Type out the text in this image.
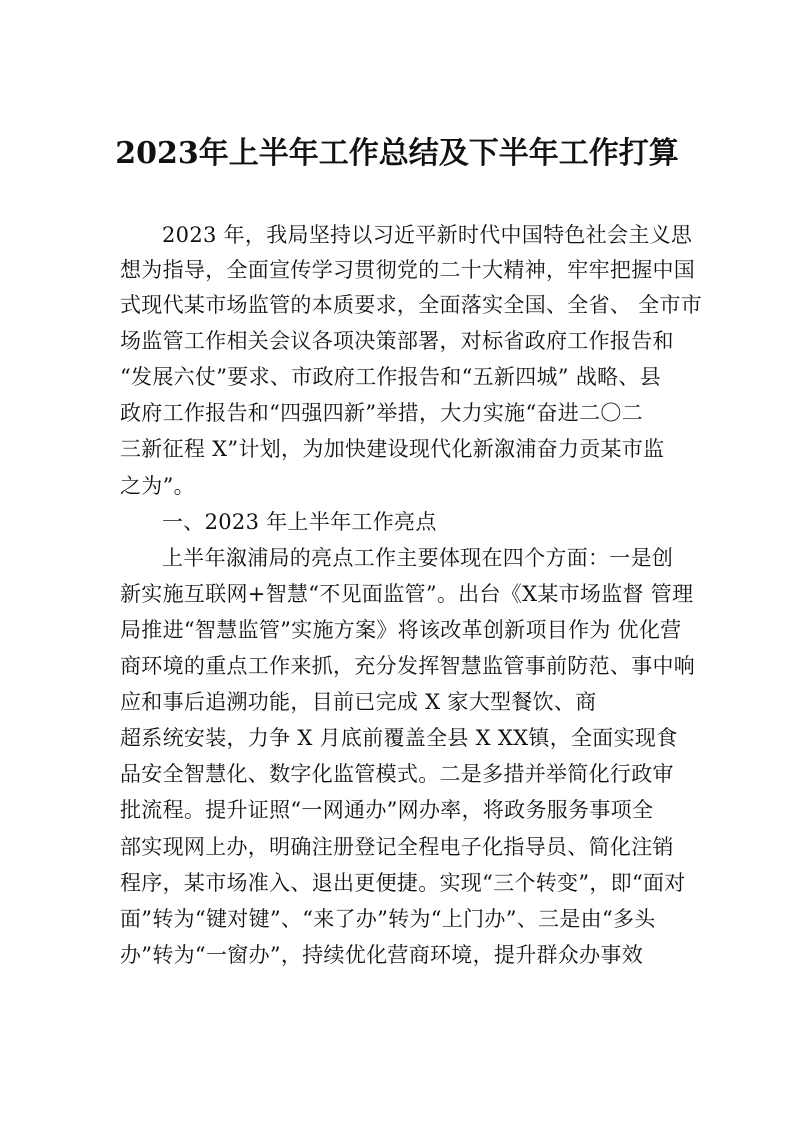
2023年上半年工作总结及下半年工作打算
2023 年，我局坚持以习近平新时代中国特色社会主义思
想为指导，全面宣传学习贯彻党的二十大精神，牢牢把握中国
式现代某市场监管的本质要求，全面落实全国、全省、 全市市
场监管工作相关会议各项决策部署，对标省政府工作报告和
“发展六仗”要求、市政府工作报告和“五新四城” 战略、县
政府工作报告和“四强四新”举措，大力实施“奋进二〇二
三新征程 X”计划，为加快建设现代化新溆浦奋力贡某市监
之为”。
一、2023 年上半年工作亮点
上半年溆浦局的亮点工作主要体现在四个方面：一是创
新实施互联网+智慧“不见面监管”。出台《X某市场监督 管理
局推进“智慧监管”实施方案》将该改革创新项目作为 优化营
商环境的重点工作来抓，充分发挥智慧监管事前防范、事中响
应和事后追溯功能，目前已完成 X 家大型餐饮、商
超系统安装，力争 X 月底前覆盖全县 X XX镇，全面实现食
品安全智慧化、数字化监管模式。二是多措并举简化行政审
批流程。提升证照“一网通办”网办率，将政务服务事项全
部实现网上办，明确注册登记全程电子化指导员、简化注销
程序，某市场准入、退出更便捷。实现“三个转变”，即“面对
面”转为“键对键”、“来了办”转为“上门办”、三是由“多头
办”转为“一窗办”，持续优化营商环境，提升群众办事效
